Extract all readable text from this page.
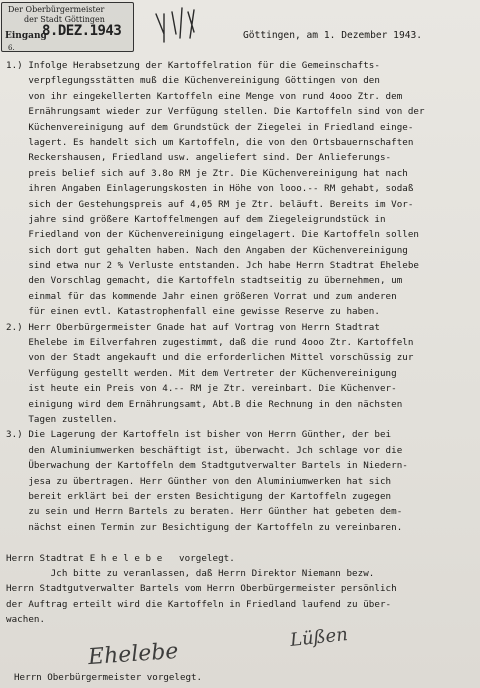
Der Oberbürgermeister
der Stadt Göttingen
Eingang
8.DEZ.1943
6.
Göttingen, am 1. Dezember 1943.
1.) Infolge Herabsetzung der Kartoffelration für die Gemeinschafts-
verpflegungsstätten muß die Küchenvereinigung Göttingen von den
von ihr eingekellerten Kartoffeln eine Menge von rund 4ooo Ztr. dem
Ernährungsamt wieder zur Verfügung stellen. Die Kartoffeln sind von der
Küchenvereinigung auf dem Grundstück der Ziegelei in Friedland einge-
lagert. Es handelt sich um Kartoffeln, die von den Ortsbauernschaften
Reckershausen, Friedland usw. angeliefert sind. Der Anlieferungs-
preis belief sich auf 3.8o RM je Ztr. Die Küchenvereinigung hat nach
ihren Angaben Einlagerungskosten in Höhe von looo.-- RM gehabt, sodaß
sich der Gestehungspreis auf 4,05 RM je Ztr. beläuft. Bereits im Vor-
jahre sind größere Kartoffelmengen auf dem Ziegeleigrundstück in
Friedland von der Küchenvereinigung eingelagert. Die Kartoffeln sollen
sich dort gut gehalten haben. Nach den Angaben der Küchenvereinigung
sind etwa nur 2 % Verluste entstanden. Jch habe Herrn Stadtrat Ehelebe
den Vorschlag gemacht, die Kartoffeln stadtseitig zu übernehmen, um
einmal für das kommende Jahr einen größeren Vorrat und zum anderen
für einen evtl. Katastrophenfall eine gewisse Reserve zu haben.
2.) Herr Oberbürgermeister Gnade hat auf Vortrag von Herrn Stadtrat
Ehelebe im Eilverfahren zugestimmt, daß die rund 4ooo Ztr. Kartoffeln
von der Stadt angekauft und die erforderlichen Mittel vorschüssig zur
Verfügung gestellt werden. Mit dem Vertreter der Küchenvereinigung
ist heute ein Preis von 4.-- RM je Ztr. vereinbart. Die Küchenver-
einigung wird dem Ernährungsamt, Abt.B die Rechnung in den nächsten
Tagen zustellen.
3.) Die Lagerung der Kartoffeln ist bisher von Herrn Günther, der bei
den Aluminiumwerken beschäftigt ist, überwacht. Jch schlage vor die
Überwachung der Kartoffeln dem Stadtgutverwalter Bartels in Niedern-
jesa zu übertragen. Herr Günther von den Aluminiumwerken hat sich
bereit erklärt bei der ersten Besichtigung der Kartoffeln zugegen
zu sein und Herrn Bartels zu beraten. Herr Günther hat gebeten dem-
nächst einen Termin zur Besichtigung der Kartoffeln zu vereinbaren.
Herrn Stadtrat E h e l e b e   vorgelegt.
Jch bitte zu veranlassen, daß Herrn Direktor Niemann bezw.
Herrn Stadtgutverwalter Bartels vom Herrn Oberbürgermeister persönlich
der Auftrag erteilt wird die Kartoffeln in Friedland laufend zu über-
wachen.
Ehelebe
Lüßen
Herrn Oberbürgermeister vorgelegt.
